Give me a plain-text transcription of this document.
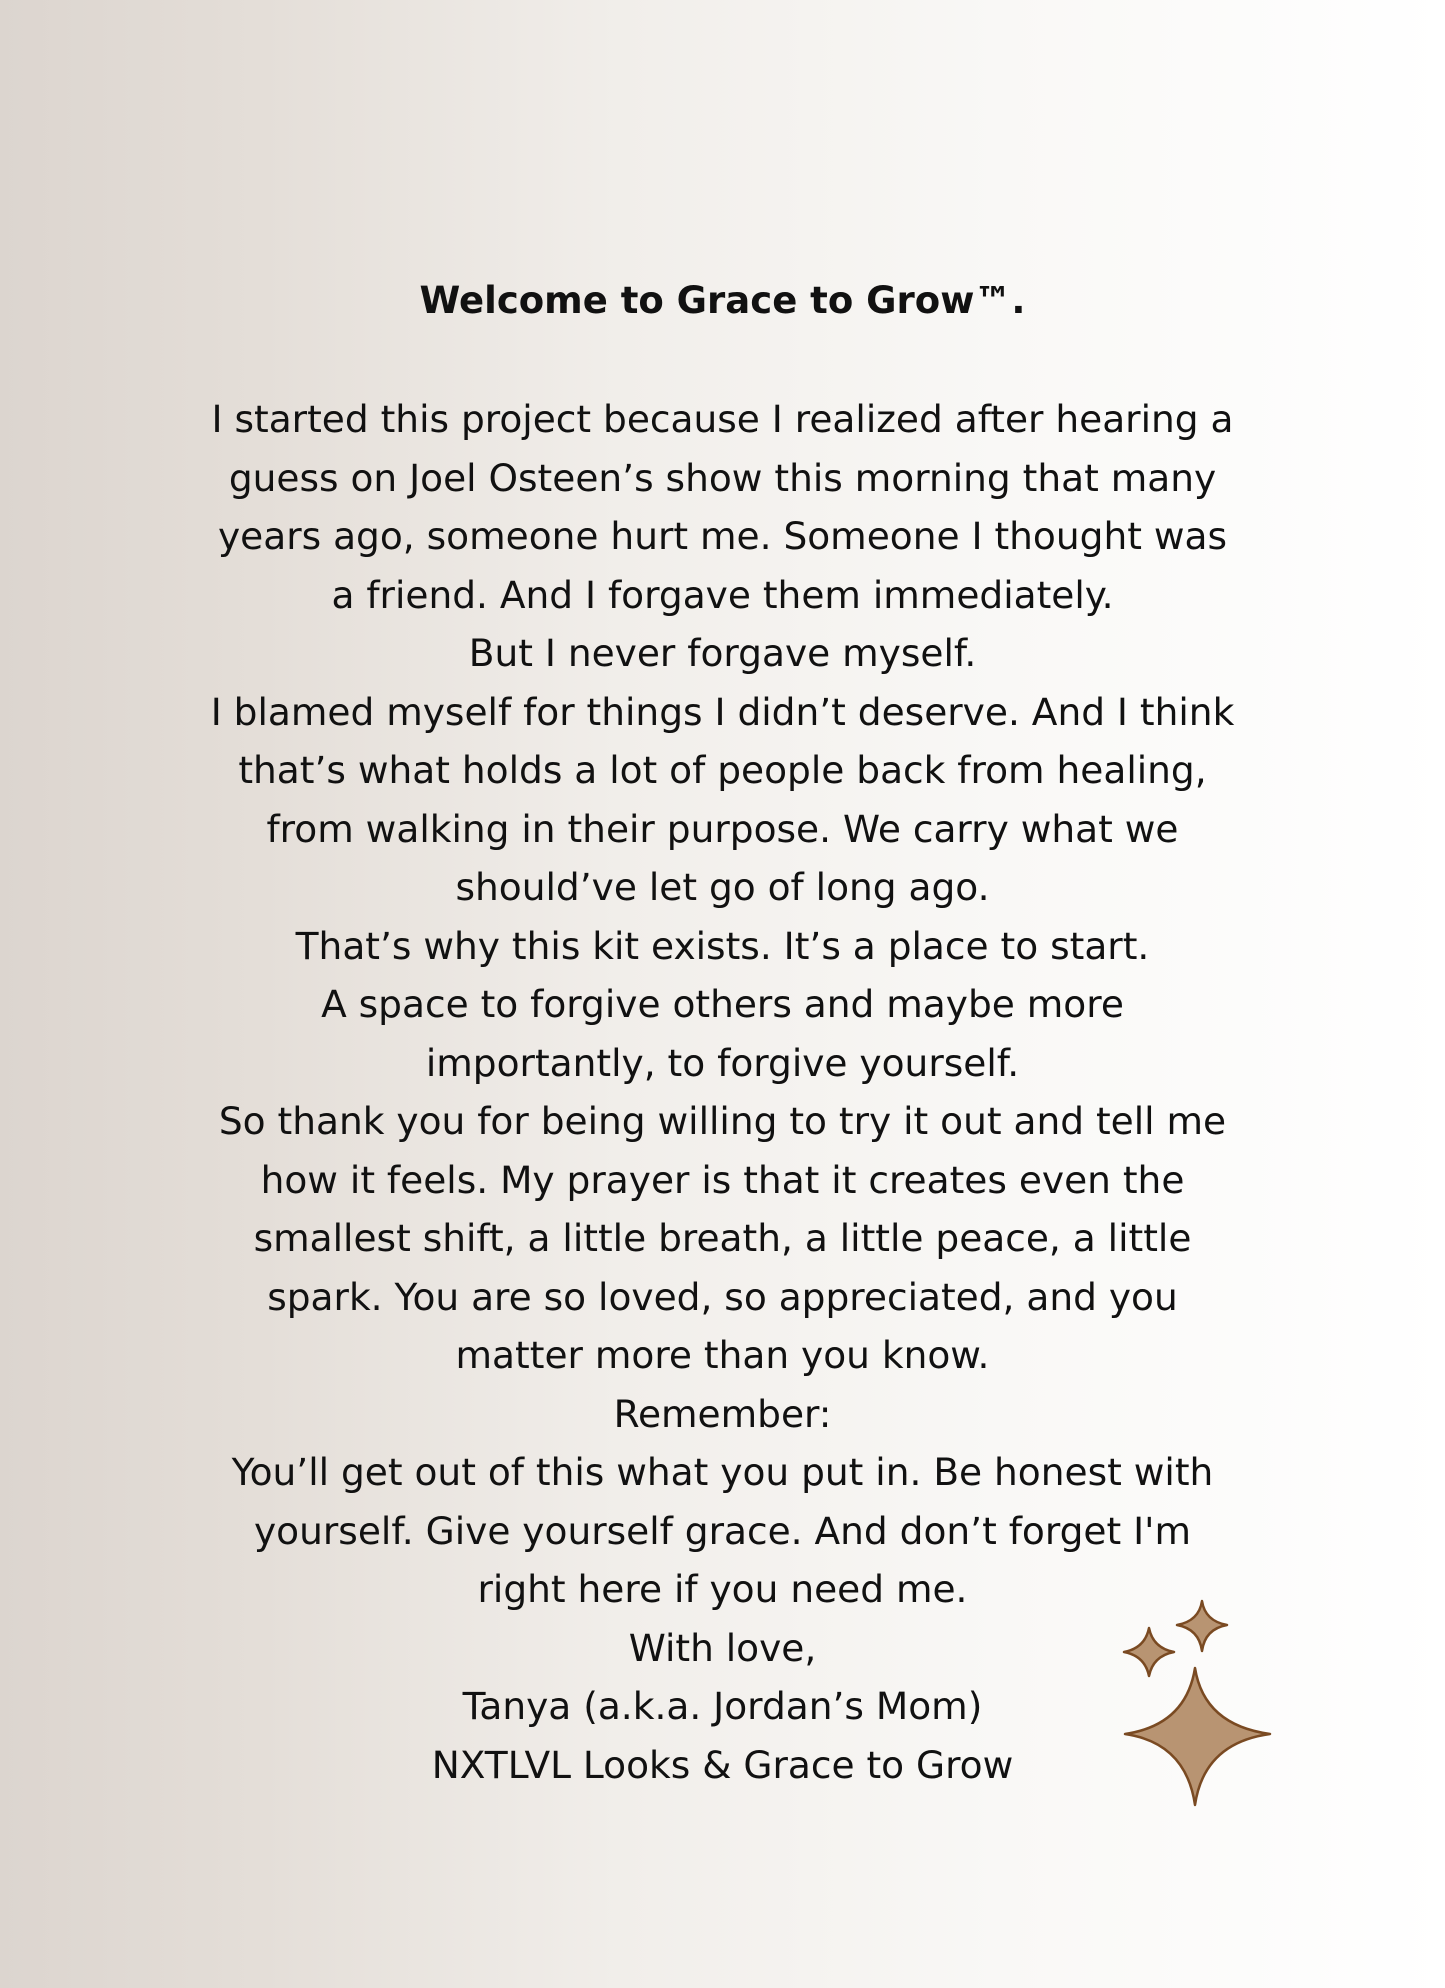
Welcome to Grace to Grow™.
I started this project because I realized after hearing a
guess on Joel Osteen’s show this morning that many
years ago, someone hurt me. Someone I thought was
a friend. And I forgave them immediately.
But I never forgave myself.
I blamed myself for things I didn’t deserve. And I think
that’s what holds a lot of people back from healing,
from walking in their purpose. We carry what we
should’ve let go of long ago.
That’s why this kit exists. It’s a place to start.
A space to forgive others and maybe more
importantly, to forgive yourself.
So thank you for being willing to try it out and tell me
how it feels. My prayer is that it creates even the
smallest shift, a little breath, a little peace, a little
spark. You are so loved, so appreciated, and you
matter more than you know.
Remember:
You’ll get out of this what you put in. Be honest with
yourself. Give yourself grace. And don’t forget I'm
right here if you need me.
With love,
Tanya (a.k.a. Jordan’s Mom)
NXTLVL Looks & Grace to Grow
